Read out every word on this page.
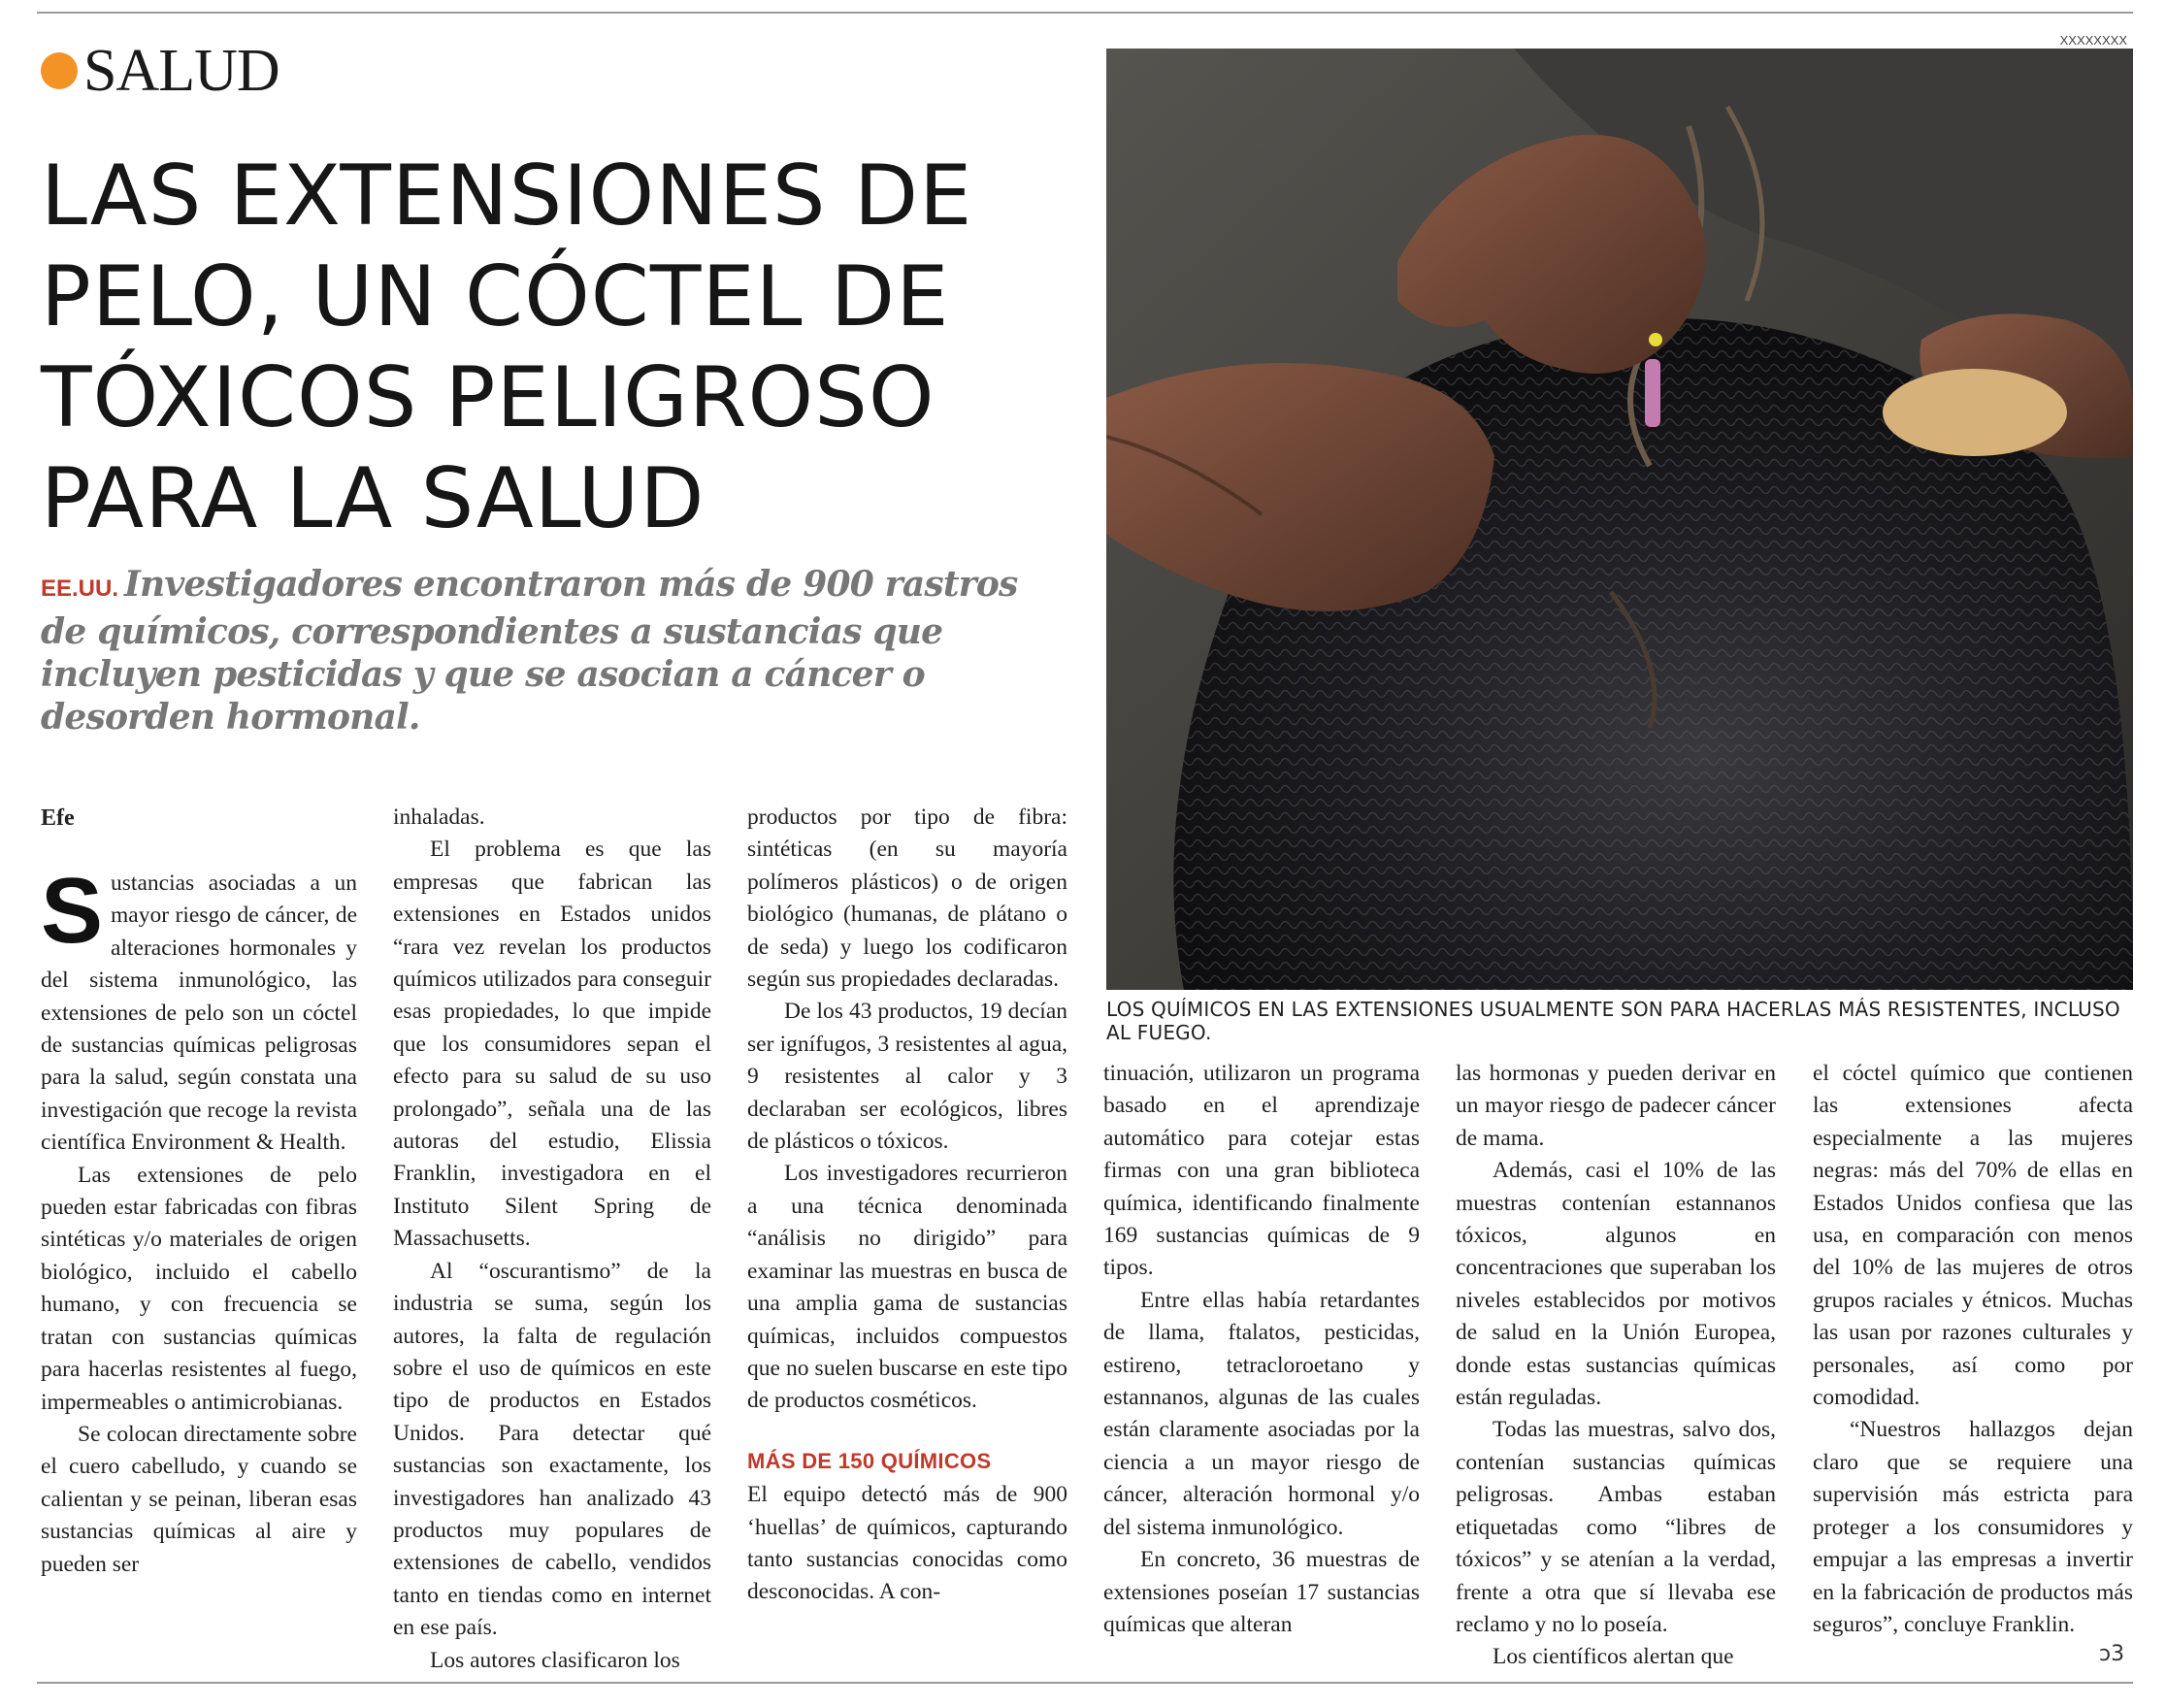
SALUD
LAS EXTENSIONES DE
PELO, UN CÓCTEL DE
TÓXICOS PELIGROSO
PARA LA SALUD
EE.UU. Investigadores encontraron más de 900 rastros de químicos, correspondientes a sustancias que incluyen pesticidas y que se asocian a cáncer o desorden hormonal.
XXXXXXXX
LOS QUÍMICOS EN LAS EXTENSIONES USUALMENTE SON PARA HACERLAS MÁS RESISTENTES, INCLUSO AL FUEGO.
Efe
S ustancias asociadas a un mayor riesgo de cáncer, de alteraciones hormonales y del sistema inmunológico, las extensiones de pelo son un cóctel de sustancias químicas peligrosas para la salud, según constata una investigación que recoge la revista científica Environment & Health.

Las extensiones de pelo pueden estar fabricadas con fibras sintéticas y/o materiales de origen biológico, incluido el cabello humano, y con frecuencia se tratan con sustancias químicas para hacerlas resistentes al fuego, impermeables o antimicrobianas.

Se colocan directamente sobre el cuero cabelludo, y cuando se calientan y se peinan, liberan esas sustancias químicas al aire y pueden ser

inhaladas.

El problema es que las empresas que fabrican las extensiones en Estados unidos “rara vez revelan los productos químicos utilizados para conseguir esas propiedades, lo que impide que los consumidores sepan el efecto para su salud de su uso prolongado”, señala una de las autoras del estudio, Elissia Franklin, investigadora en el Instituto Silent Spring de Massachusetts.

Al “oscurantismo” de la industria se suma, según los autores, la falta de regulación sobre el uso de químicos en este tipo de productos en Estados Unidos. Para detectar qué sustancias son exactamente, los investigadores han analizado 43 productos muy populares de extensiones de cabello, vendidos tanto en tiendas como en internet en ese país.

Los autores clasificaron los

productos por tipo de fibra: sintéticas (en su mayoría polímeros plásticos) o de origen biológico (humanas, de plátano o de seda) y luego los codificaron según sus propiedades declaradas.

De los 43 productos, 19 decían ser ignífugos, 3 resistentes al agua, 9 resistentes al calor y 3 declaraban ser ecológicos, libres de plásticos o tóxicos.

Los investigadores recurrieron a una técnica denominada “análisis no dirigido” para examinar las muestras en busca de una amplia gama de sustancias químicas, incluidos compuestos que no suelen buscarse en este tipo de productos cosméticos.

MÁS DE 150 QUÍMICOS

El equipo detectó más de 900 ‘huellas’ de químicos, capturando tanto sustancias conocidas como desconocidas. A con-

tinuación, utilizaron un programa basado en el aprendizaje automático para cotejar estas firmas con una gran biblioteca química, identificando finalmente 169 sustancias químicas de 9 tipos.

Entre ellas había retardantes de llama, ftalatos, pesticidas, estireno, tetracloroetano y estannanos, algunas de las cuales están claramente asociadas por la ciencia a un mayor riesgo de cáncer, alteración hormonal y/o del sistema inmunológico.

En concreto, 36 muestras de extensiones poseían 17 sustancias químicas que alteran

las hormonas y pueden derivar en un mayor riesgo de padecer cáncer de mama.

Además, casi el 10% de las muestras contenían estannanos tóxicos, algunos en concentraciones que superaban los niveles establecidos por motivos de salud en la Unión Europea, donde estas sustancias químicas están reguladas.

Todas las muestras, salvo dos, contenían sustancias químicas peligrosas. Ambas estaban etiquetadas como “libres de tóxicos” y se atenían a la verdad, frente a otra que sí llevaba ese reclamo y no lo poseía.

Los científicos alertan que

el cóctel químico que contienen las extensiones afecta especialmente a las mujeres negras: más del 70% de ellas en Estados Unidos confiesa que las usa, en comparación con menos del 10% de las mujeres de otros grupos raciales y étnicos. Muchas las usan por razones culturales y personales, así como por comodidad.

“Nuestros hallazgos dejan claro que se requiere una supervisión más estricta para proteger a los consumidores y empujar a las empresas a invertir en la fabricación de productos más seguros”, concluye Franklin.

ↄ3
